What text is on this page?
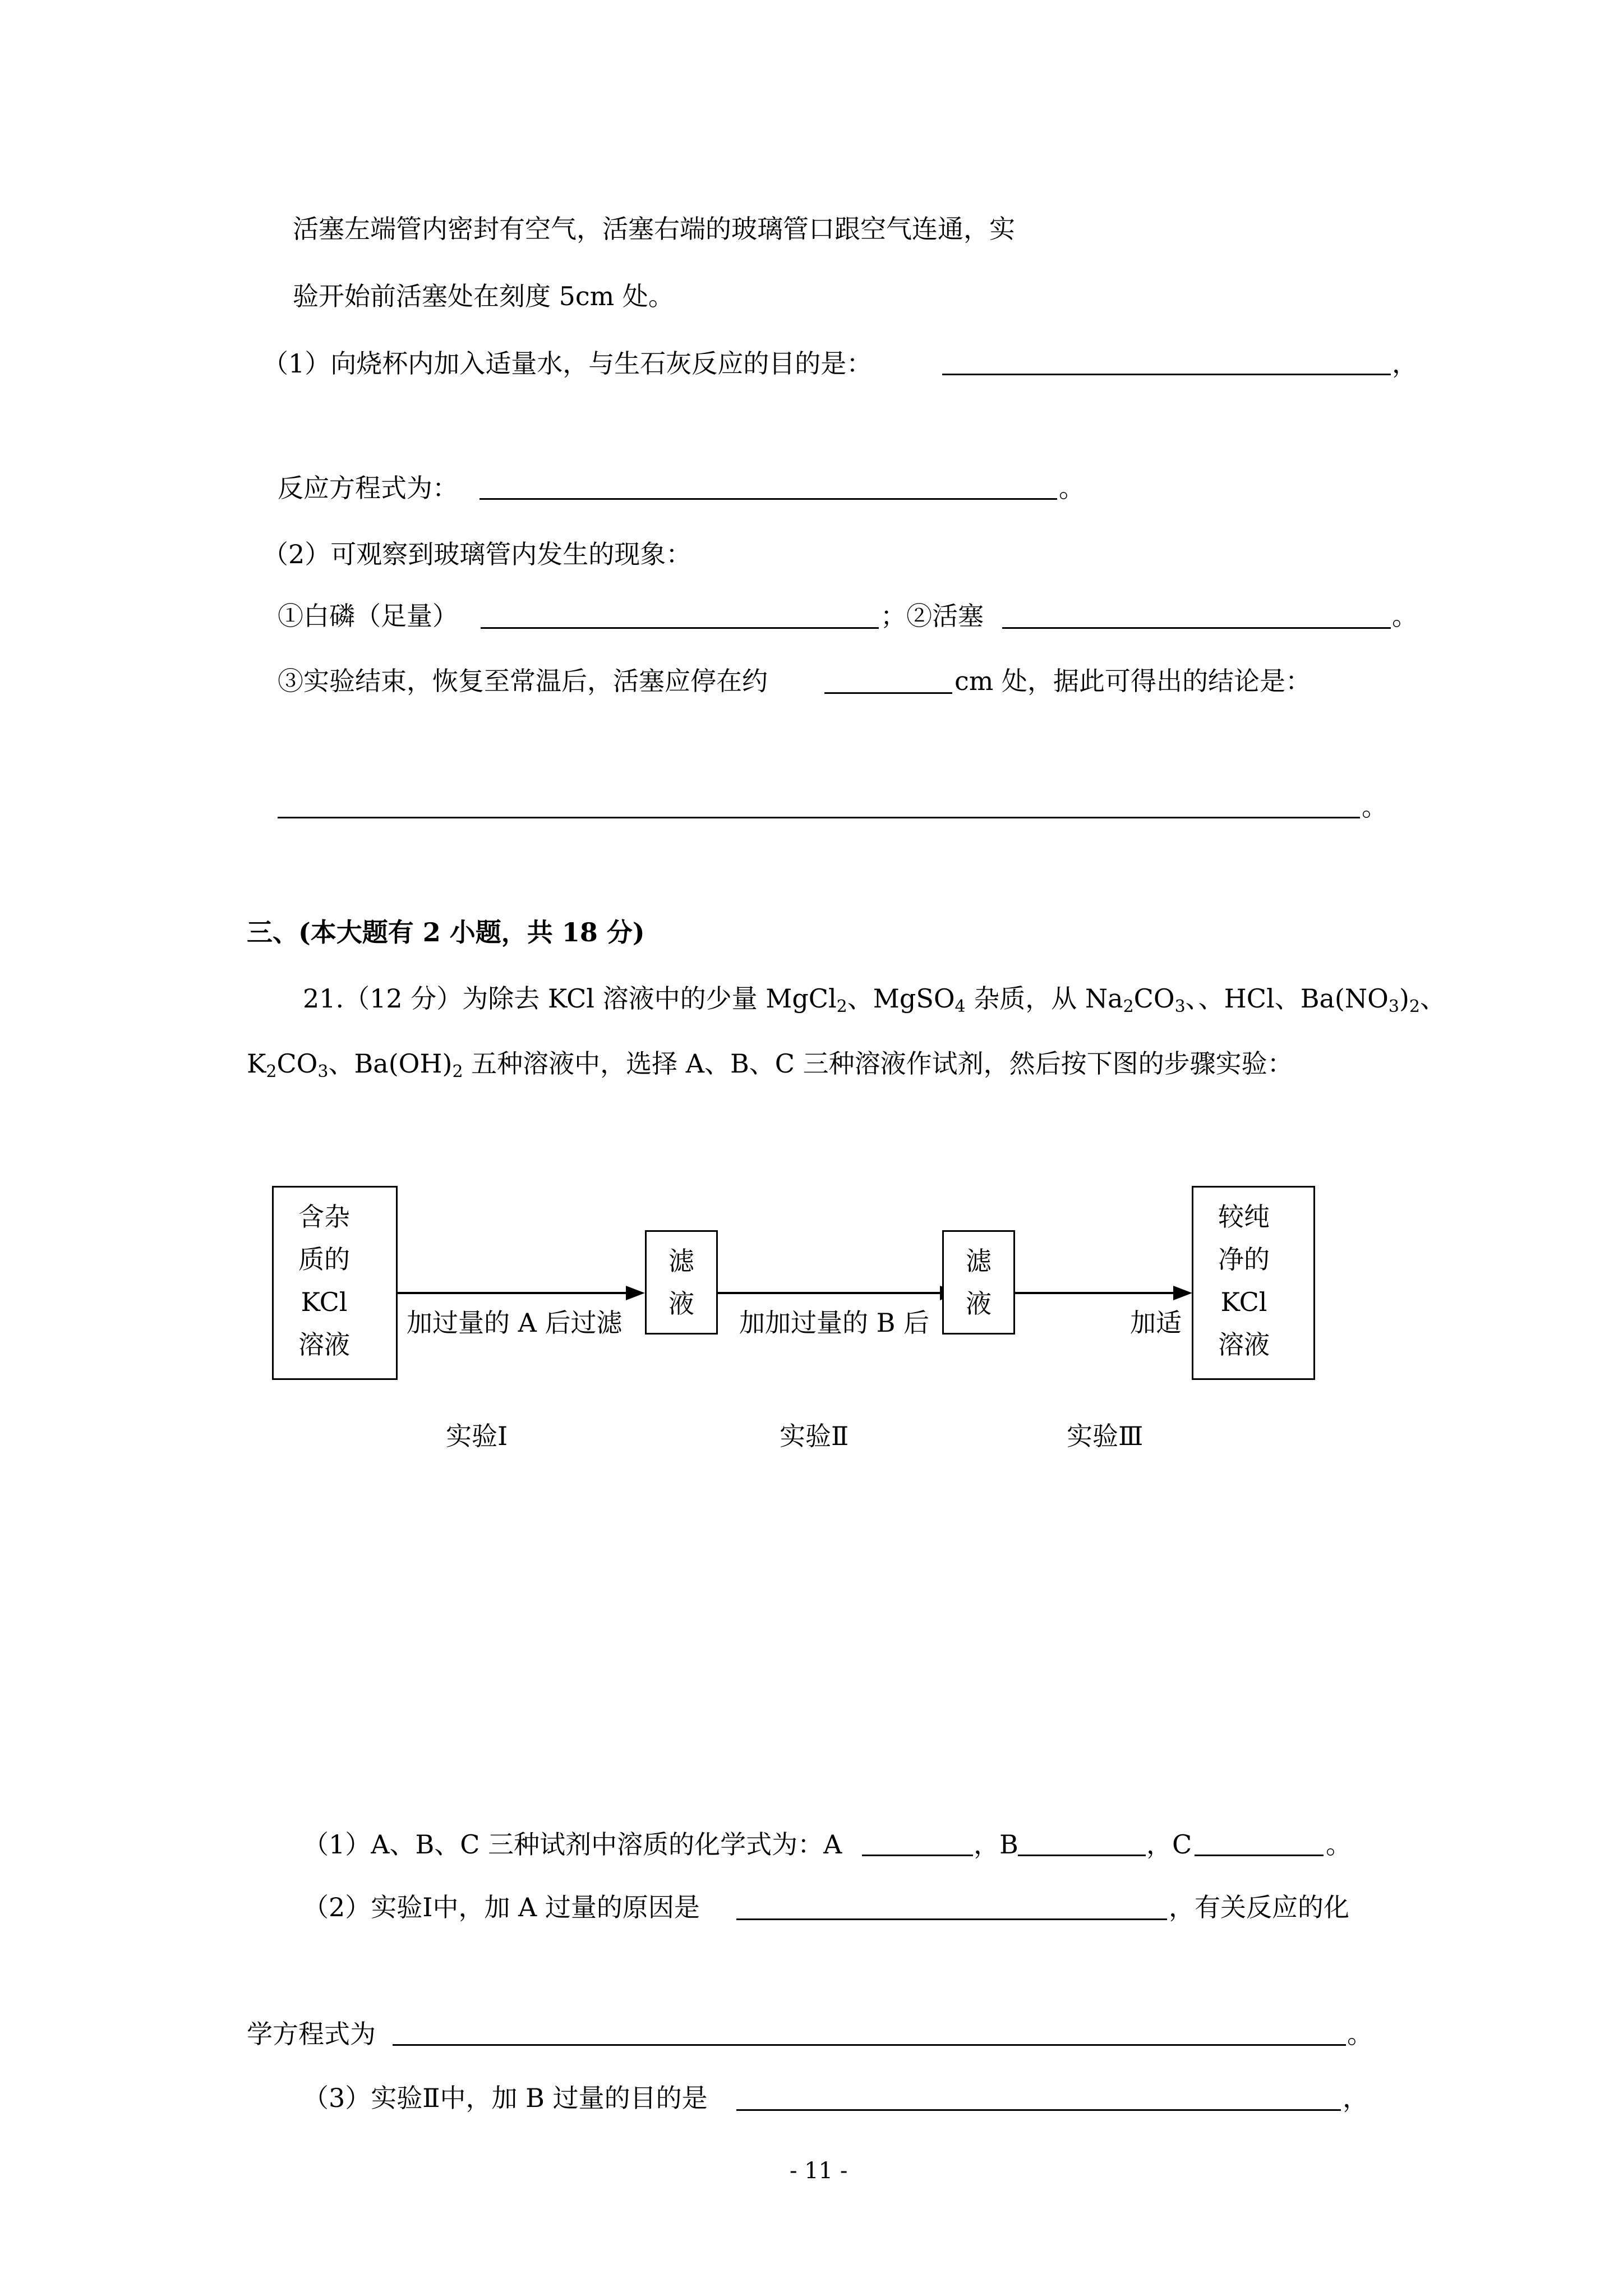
活塞左端管内密封有空气，活塞右端的玻璃管口跟空气连通，实
验开始前活塞处在刻度 5cm 处。
（1）向烧杯内加入适量水，与生石灰反应的目的是：	，
反应方程式为：	。
（2）可观察到玻璃管内发生的现象：
①白磷（足量）	；②活塞	。
③实验结束，恢复至常温后，活塞应停在约	cm 处，据此可得出的结论是：
。
三、(本大题有 2 小题，共 18 分)
21.（12 分）为除去 KCl 溶液中的少量 MgCl$_2$、MgSO$_4$ 杂质，从 $Na_2CO_3$、、HCl、$Ba(NO_3)_2$、
$K_2CO_3$、$Ba(OH)_2$ 五种溶液中，选择 A、B、C 三种溶液作试剂，然后按下图的步骤实验：
含杂
质的
KCl
溶液
加过量的 A 后过滤
滤
液
加加过量的 B 后
滤
液
加适
较纯
净的
KCl
溶液
实验Ⅰ	实验Ⅱ	实验Ⅲ
（1）A、B、C 三种试剂中溶质的化学式为：A	，B	，C	。
（2）实验Ⅰ中，加 A 过量的原因是	，有关反应的化
学方程式为	。
（3）实验Ⅱ中，加 B 过量的目的是	，
- 11 -
